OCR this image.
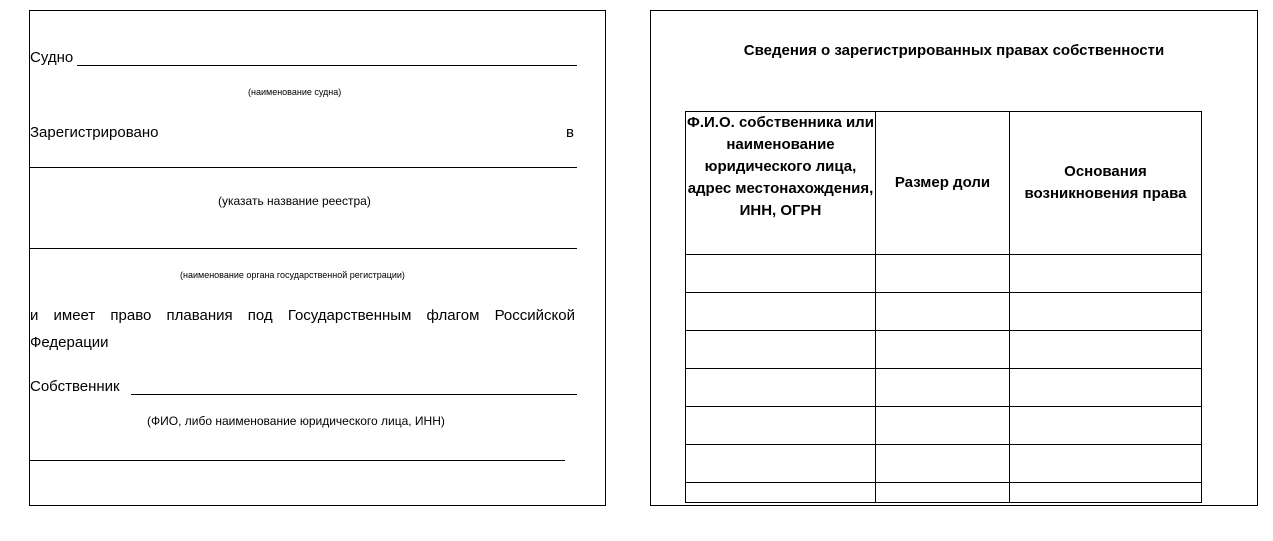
Судно
(наименование судна)
Зарегистрировано	в
(указать название реестра)
(наименование органа государственной регистрации)
и имеет право плавания под Государственным флагом Российской Федерации
Собственник
(ФИО, либо наименование юридического лица, ИНН)
Сведения о зарегистрированных правах собственности
Ф.И.О. собственника или наименование юридического лица, адрес местонахождения, ИНН, ОГРН	Размер доли	Основания возникновения права
